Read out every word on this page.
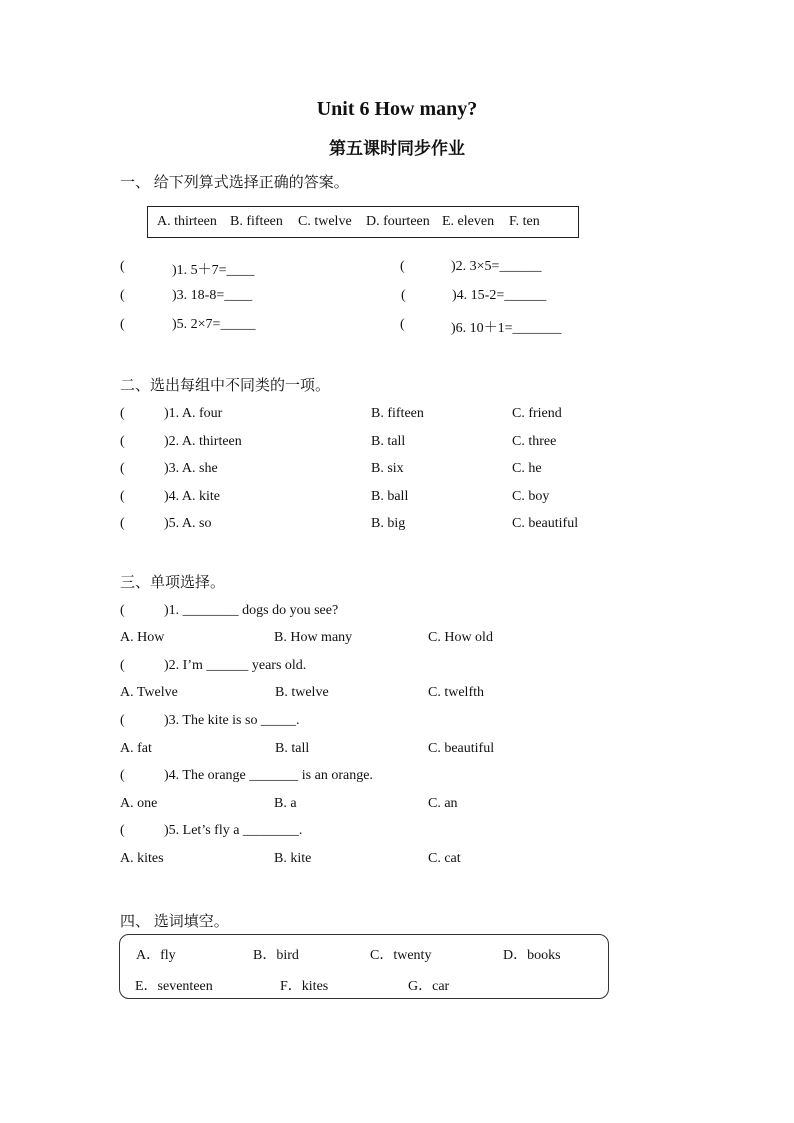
Unit 6 How many?
第五课时同步作业
一、 给下列算式选择正确的答案。
A. thirteen B. fifteen C. twelve D. fourteen E. eleven F. ten
(	)1. 5＋7=____	(	)2. 3×5=______
(	)3. 18-8=____	(	)4. 15-2=______
(	)5. 2×7=_____	(	)6. 10＋1=_______
二、选出每组中不同类的一项。
(	)1. A. four	B. fifteen	C. friend
(	)2. A. thirteen	B. tall	C. three
(	)3. A. she	B. six	C. he
(	)4. A. kite	B. ball	C. boy
(	)5. A. so	B. big	C. beautiful
三、单项选择。
(	)1. ________ dogs do you see?
A. How	B. How many	C. How old
(	)2. I’m ______ years old.
A. Twelve	B. twelve	C. twelfth
(	)3. The kite is so _____.
A. fat	B. tall	C. beautiful
(	)4. The orange _______ is an orange.
A. one	B. a	C. an
(	)5. Let’s fly a ________.
A. kites	B. kite	C. cat
四、 选词填空。
A．fly	B．bird	C．twenty	D．books
E．seventeen	F．kites	G．car
